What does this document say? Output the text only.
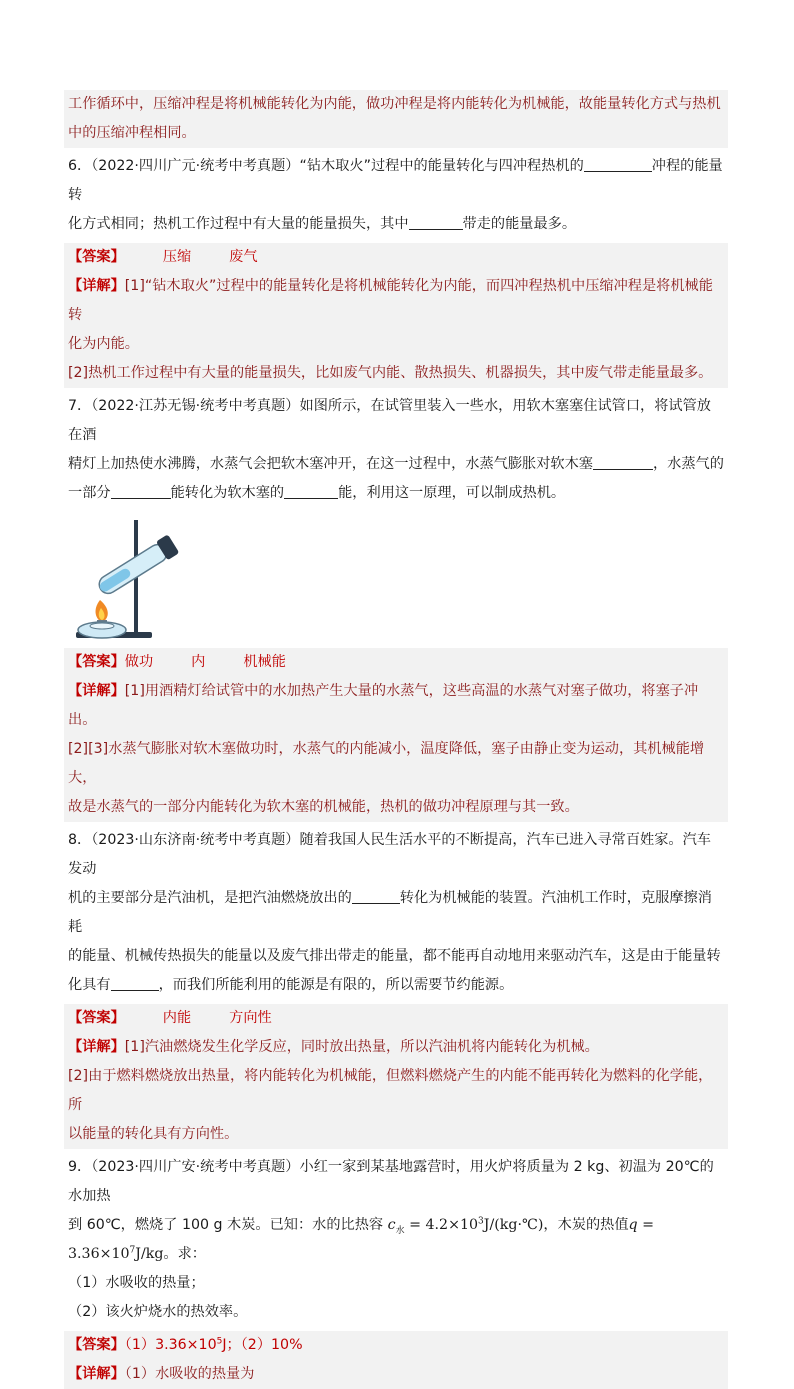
工作循环中，压缩冲程是将机械能转化为内能，做功冲程是将内能转化为机械能，故能量转化方式与热机
中的压缩冲程相同。
6．（2022·四川广元·统考中考真题）“钻木取火”过程中的能量转化与四冲程热机的	冲程的能量转
化方式相同；热机工作过程中有大量的能量损失，其中	带走的能量最多。
【答案】	压缩	废气
【详解】[1]“钻木取火”过程中的能量转化是将机械能转化为内能，而四冲程热机中压缩冲程是将机械能转
化为内能。
[2]热机工作过程中有大量的能量损失，比如废气内能、散热损失、机器损失，其中废气带走能量最多。
7．（2022·江苏无锡·统考中考真题）如图所示，在试管里装入一些水，用软木塞塞住试管口，将试管放在酒
精灯上加热使水沸腾，水蒸气会把软木塞冲开，在这一过程中，水蒸气膨胀对软木塞	，水蒸气的
一部分	能转化为软木塞的	能，利用这一原理，可以制成热机。
【答案】做功	内	机械能
【详解】[1]用酒精灯给试管中的水加热产生大量的水蒸气，这些高温的水蒸气对塞子做功，将塞子冲出。
[2][3]水蒸气膨胀对软木塞做功时，水蒸气的内能减小，温度降低，塞子由静止变为运动，其机械能增大，
故是水蒸气的一部分内能转化为软木塞的机械能，热机的做功冲程原理与其一致。
8．（2023·山东济南·统考中考真题）随着我国人民生活水平的不断提高，汽车已进入寻常百姓家。汽车发动
机的主要部分是汽油机，是把汽油燃烧放出的	转化为机械能的装置。汽油机工作时，克服摩擦消耗
的能量、机械传热损失的能量以及废气排出带走的能量，都不能再自动地用来驱动汽车，这是由于能量转
化具有	，而我们所能利用的能源是有限的，所以需要节约能源。
【答案】	内能	方向性
【详解】[1]汽油燃烧发生化学反应，同时放出热量，所以汽油机将内能转化为机械。
[2]由于燃料燃烧放出热量，将内能转化为机械能，但燃料燃烧产生的内能不能再转化为燃料的化学能，所
以能量的转化具有方向性。
9．（2023·四川广安·统考中考真题）小红一家到某基地露营时，用火炉将质量为 2 kg、初温为 20℃的水加热
到 60℃，燃烧了 100 g 木炭。已知：水的比热容 $c_水$ = $4.2\times 10^3J/(kg\cdot℃)$，木炭的热值$q = 3.36\times 10^7J/kg$。求：
（1）水吸收的热量；
（2）该火炉烧水的热效率。
【答案】$(1)3.36\times 10^5J$；（2）10%
【详解】（1）水吸收的热量为
